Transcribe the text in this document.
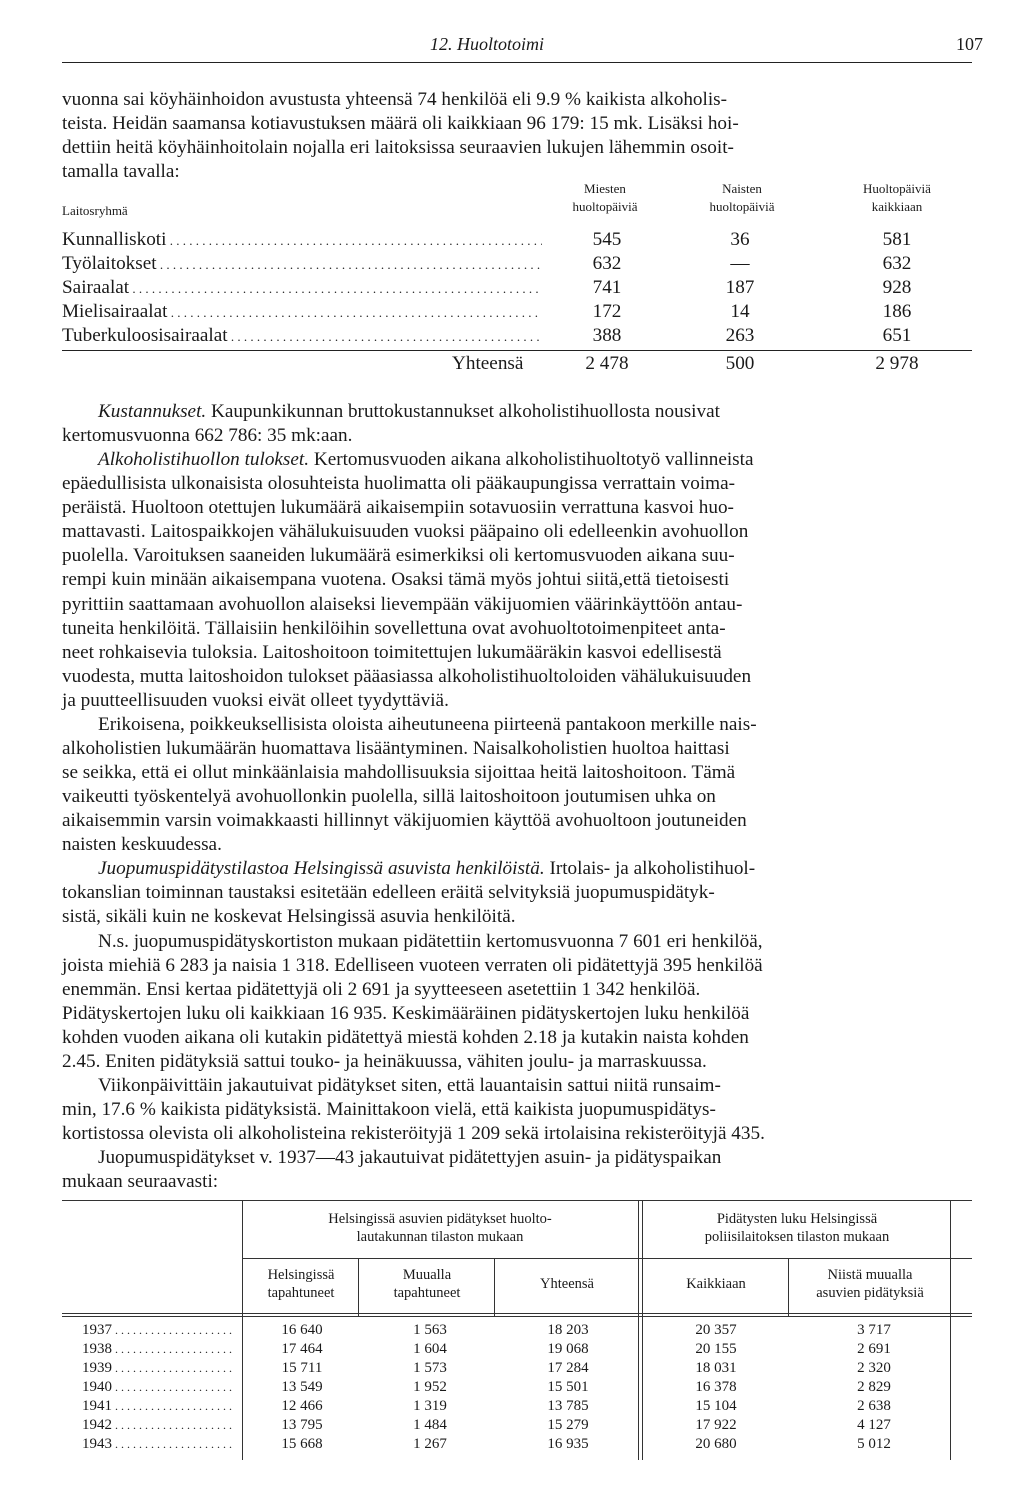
12. Huoltotoimi	107
vuonna sai köyhäinhoidon avustusta yhteensä 74 henkilöä eli 9.9 % kaikista alkoholis-
teista. Heidän saamansa kotiavustuksen määrä oli kaikkiaan 96 179: 15 mk. Lisäksi hoi-
dettiin heitä köyhäinhoitolain nojalla eri laitoksissa seuraavien lukujen lähemmin osoit-
tamalla tavalla:
Laitosryhmä
Miesten
huoltopäiviä
Naisten
huoltopäiviä
Huoltopäiviä
kaikkiaan
Kunnalliskoti . . .	545	36	581
Työlaitokset . . .	632	—	632
Sairaalat . . .	741	187	928
Mielisairaalat . . .	172	14	186
Tuberkuloosisairaalat . . .	388	263	651
Yhteensä	2 478	500	2 978
Kustannukset. Kaupunkikunnan bruttokustannukset alkoholistihuollosta nousivat
kertomusvuonna 662 786: 35 mk:aan.
Alkoholistihuollon tulokset. Kertomusvuoden aikana alkoholistihuoltotyö vallinneista
epäedullisista ulkonaisista olosuhteista huolimatta oli pääkaupungissa verrattain voima-
peräistä. Huoltoon otettujen lukumäärä aikaisempiin sotavuosiin verrattuna kasvoi huo-
mattavasti. Laitospaikkojen vähälukuisuuden vuoksi pääpaino oli edelleenkin avohuollon
puolella. Varoituksen saaneiden lukumäärä esimerkiksi oli kertomusvuoden aikana suu-
rempi kuin minään aikaisempana vuotena. Osaksi tämä myös johtui siitä,että tietoisesti
pyrittiin saattamaan avohuollon alaiseksi lievempään väkijuomien väärinkäyttöön antau-
tuneita henkilöitä. Tällaisiin henkilöihin sovellettuna ovat avohuoltotoimenpiteet anta-
neet rohkaisevia tuloksia. Laitoshoitoon toimitettujen lukumääräkin kasvoi edellisestä
vuodesta, mutta laitoshoidon tulokset pääasiassa alkoholistihuoltoloiden vähälukuisuuden
ja puutteellisuuden vuoksi eivät olleet tyydyttäviä.
Erikoisena, poikkeuksellisista oloista aiheutuneena piirteenä pantakoon merkille nais-
alkoholistien lukumäärän huomattava lisääntyminen. Naisalkoholistien huoltoa haittasi
se seikka, että ei ollut minkäänlaisia mahdollisuuksia sijoittaa heitä laitoshoitoon. Tämä
vaikeutti työskentelyä avohuollonkin puolella, sillä laitoshoitoon joutumisen uhka on
aikaisemmin varsin voimakkaasti hillinnyt väkijuomien käyttöä avohuoltoon joutuneiden
naisten keskuudessa.
Juopumuspidätystilastoa Helsingissä asuvista henkilöistä. Irtolais- ja alkoholistihuol-
tokanslian toiminnan taustaksi esitetään edelleen eräitä selvityksiä juopumuspidätyk-
sistä, sikäli kuin ne koskevat Helsingissä asuvia henkilöitä.
N.s. juopumuspidätyskortiston mukaan pidätettiin kertomusvuonna 7 601 eri henkilöä,
joista miehiä 6 283 ja naisia 1 318. Edelliseen vuoteen verraten oli pidätettyjä 395 henkilöä
enemmän. Ensi kertaa pidätettyjä oli 2 691 ja syytteeseen asetettiin 1 342 henkilöä.
Pidätyskertojen luku oli kaikkiaan 16 935. Keskimääräinen pidätyskertojen luku henkilöä
kohden vuoden aikana oli kutakin pidätettyä miestä kohden 2.18 ja kutakin naista kohden
2.45. Eniten pidätyksiä sattui touko- ja heinäkuussa, vähiten joulu- ja marraskuussa.
Viikonpäivittäin jakautuivat pidätykset siten, että lauantaisin sattui niitä runsaim-
min, 17.6 % kaikista pidätyksistä. Mainittakoon vielä, että kaikista juopumuspidätys-
kortistossa olevista oli alkoholisteina rekisteröityjä 1 209 sekä irtolaisina rekisteröityjä 435.
Juopumuspidätykset v. 1937—43 jakautuivat pidätettyjen asuin- ja pidätyspaikan
mukaan seuraavasti:
Helsingissä asuvien pidätykset huolto-
lautakunnan tilaston mukaan
Pidätysten luku Helsingissä
poliisilaitoksen tilaston mukaan
Helsingissä
tapahtuneet
Muualla
tapahtuneet
Yhteensä	Kaikkiaan
Niistä muualla
asuvien pidätyksiä
1937 . . .	16 640	1 563	18 203	20 357	3 717
1938 . . .	17 464	1 604	19 068	20 155	2 691
1939 . . .	15 711	1 573	17 284	18 031	2 320
1940 . . .	13 549	1 952	15 501	16 378	2 829
1941 . . .	12 466	1 319	13 785	15 104	2 638
1942 . . .	13 795	1 484	15 279	17 922	4 127
1943 . . .	15 668	1 267	16 935	20 680	5 012
